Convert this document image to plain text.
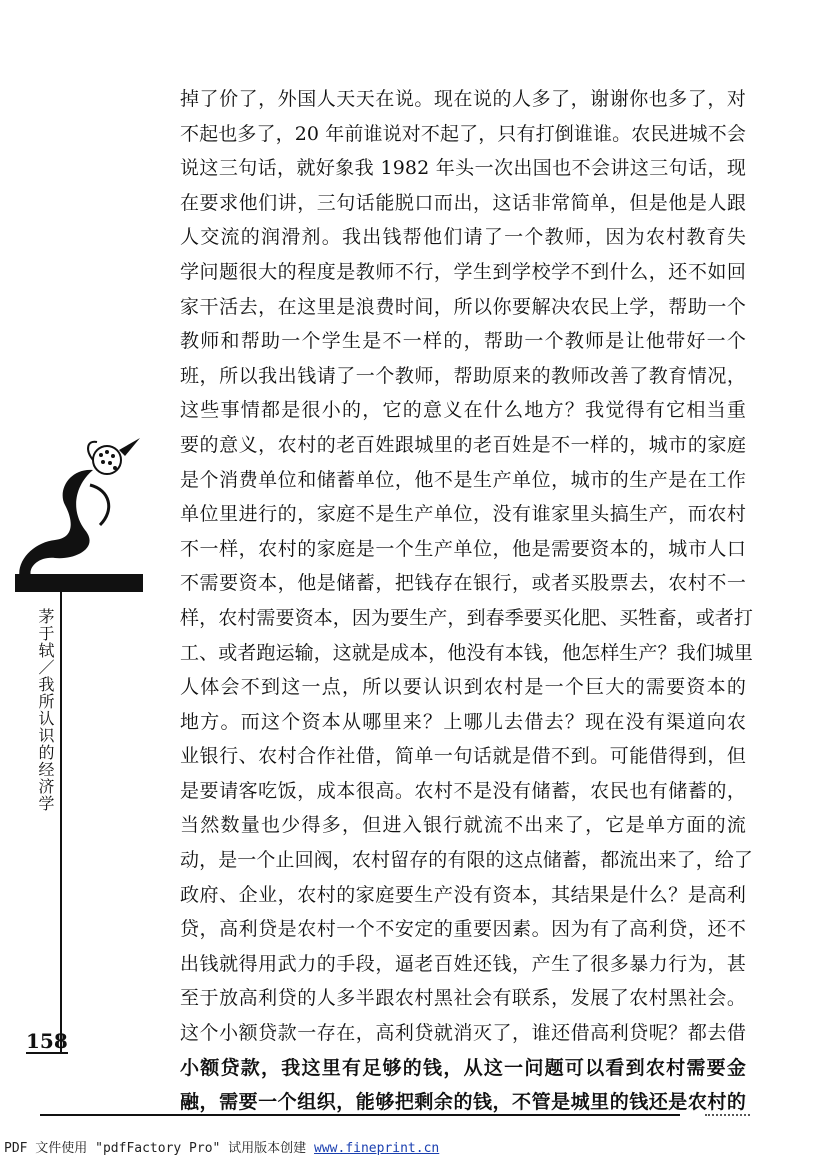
掉了价了，外国人天天在说。现在说的人多了，谢谢你也多了，对
不起也多了，20 年前谁说对不起了，只有打倒谁谁。农民进城不会
说这三句话，就好象我 1982 年头一次出国也不会讲这三句话，现
在要求他们讲，三句话能脱口而出，这话非常简单，但是他是人跟
人交流的润滑剂。我出钱帮他们请了一个教师，因为农村教育失
学问题很大的程度是教师不行，学生到学校学不到什么，还不如回
家干活去，在这里是浪费时间，所以你要解决农民上学，帮助一个
教师和帮助一个学生是不一样的，帮助一个教师是让他带好一个
班，所以我出钱请了一个教师，帮助原来的教师改善了教育情况，
这些事情都是很小的，它的意义在什么地方？我觉得有它相当重
要的意义，农村的老百姓跟城里的老百姓是不一样的，城市的家庭
是个消费单位和储蓄单位，他不是生产单位，城市的生产是在工作
单位里进行的，家庭不是生产单位，没有谁家里头搞生产，而农村
不一样，农村的家庭是一个生产单位，他是需要资本的，城市人口
不需要资本，他是储蓄，把钱存在银行，或者买股票去，农村不一
样，农村需要资本，因为要生产，到春季要买化肥、买牲畜，或者打
工、或者跑运输，这就是成本，他没有本钱，他怎样生产？我们城里
人体会不到这一点，所以要认识到农村是一个巨大的需要资本的
地方。而这个资本从哪里来？上哪儿去借去？现在没有渠道向农
业银行、农村合作社借，简单一句话就是借不到。可能借得到，但
是要请客吃饭，成本很高。农村不是没有储蓄，农民也有储蓄的，
当然数量也少得多，但进入银行就流不出来了，它是单方面的流
动，是一个止回阀，农村留存的有限的这点储蓄，都流出来了，给了
政府、企业，农村的家庭要生产没有资本，其结果是什么？是高利
贷，高利贷是农村一个不安定的重要因素。因为有了高利贷，还不
出钱就得用武力的手段，逼老百姓还钱，产生了很多暴力行为，甚
至于放高利贷的人多半跟农村黑社会有联系，发展了农村黑社会。
这个小额贷款一存在，高利贷就消灭了，谁还借高利贷呢？都去借
小额贷款，我这里有足够的钱，从这一问题可以看到农村需要金
融，需要一个组织，能够把剩余的钱，不管是城里的钱还是农村的
茅于轼／我所认识的经济学
158
PDF 文件使用 "pdfFactory Pro" 试用版本创建 www.fineprint.cn
